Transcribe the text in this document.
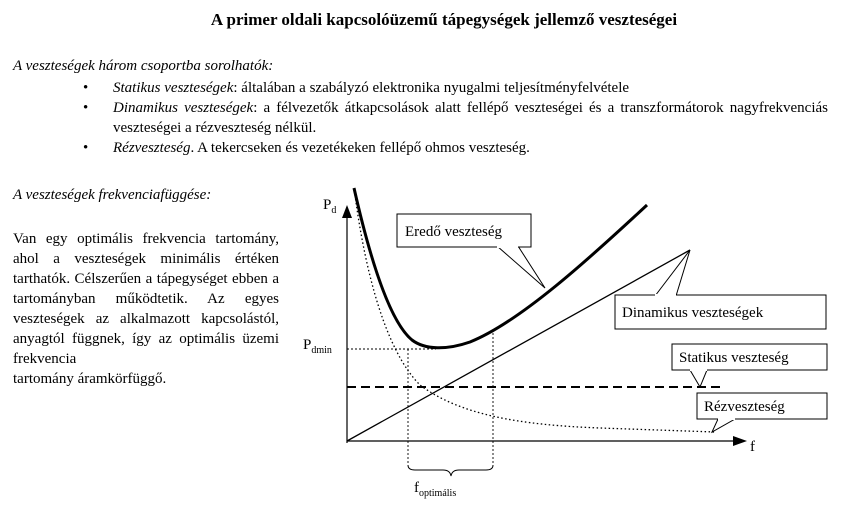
A primer oldali kapcsolóüzemű tápegységek jellemző veszteségei
A veszteségek három csoportba sorolhatók:
• Statikus veszteségek: általában a szabályzó elektronika nyugalmi teljesítményfelvétele
• Dinamikus veszteségek: a félvezetők átkapcsolások alatt fellépő veszteségei és a transzformátorok nagyfrekvenciás veszteségei a rézveszteség nélkül.
• Rézveszteség. A tekercseken és vezetékeken fellépő ohmos veszteség.
A veszteségek frekvenciafüggése:
Van egy optimális frekvencia tartomány, ahol a veszteségek minimális értéken tarthatók. Célszerűen a tápegységet ebben a tartományban működtetik. Az egyes veszteségek az alkalmazott kapcsolástól, anyagtól függnek, így az optimális üzemi frekvencia
tartomány áramkörfüggő.
$P_d$
f
$P_{dmin}$
$f_{optimális}$
Eredő veszteség
Dinamikus veszteségek
Statikus veszteség
Rézveszteség
